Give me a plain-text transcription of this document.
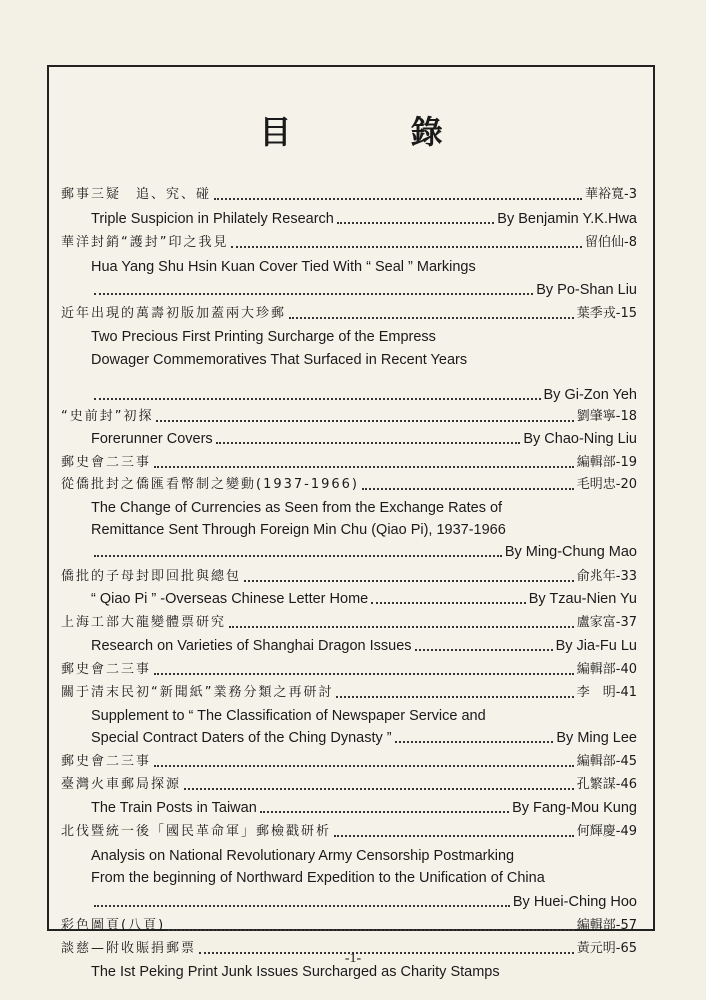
目 錄
郵事三疑　追、究、碰	華裕寬- 3
Triple Suspicion in Philately Research	By Benjamin Y.K.Hwa
華洋封銷“護封”印之我見	留伯仙- 8
Hua Yang Shu Hsin Kuan Cover Tied With “ Seal ” Markings
By Po-Shan Liu
近年出現的萬壽初版加蓋兩大珍郵	葉季戎- 15
Two Precious First Printing Surcharge of the Empress
Dowager Commemoratives That Surfaced in Recent Years
By Gi-Zon Yeh
“史前封”初探	劉肇寧- 18
Forerunner Covers	By Chao-Ning Liu
郵史會二三事	編輯部- 19
從僑批封之僑匯看幣制之變動(1937-1966)	毛明忠- 20
The Change of Currencies as Seen from the Exchange Rates of
Remittance Sent Through Foreign Min Chu (Qiao Pi), 1937-1966
By Ming-Chung Mao
僑批的子母封即回批與總包	俞兆年- 33
“ Qiao Pi ” -Overseas Chinese Letter Home	By Tzau-Nien Yu
上海工部大龍變體票研究	盧家富- 37
Research on Varieties of Shanghai Dragon Issues	By Jia-Fu Lu
郵史會二三事	編輯部- 40
關于清末民初“新聞紙”業務分類之再研討	李　明- 41
Supplement to “ The Classification of Newspaper Service and
Special Contract Daters of the Ching Dynasty ”	By Ming Lee
郵史會二三事	編輯部- 45
臺灣火車郵局探源	孔繁謀- 46
The Train Posts in Taiwan	By Fang-Mou Kung
北伐暨統一後「國民革命軍」郵檢戳研析	何輝慶- 49
Analysis on National Revolutionary Army Censorship Postmarking
From the beginning of Northward Expedition to the Unification of China
By Huei-Ching Hoo
彩色圖頁(八頁)	編輯部- 57
談慈—附收賑捐郵票	黃元明- 65
The Ist Peking Print Junk Issues Surcharged as Charity Stamps
-1-
